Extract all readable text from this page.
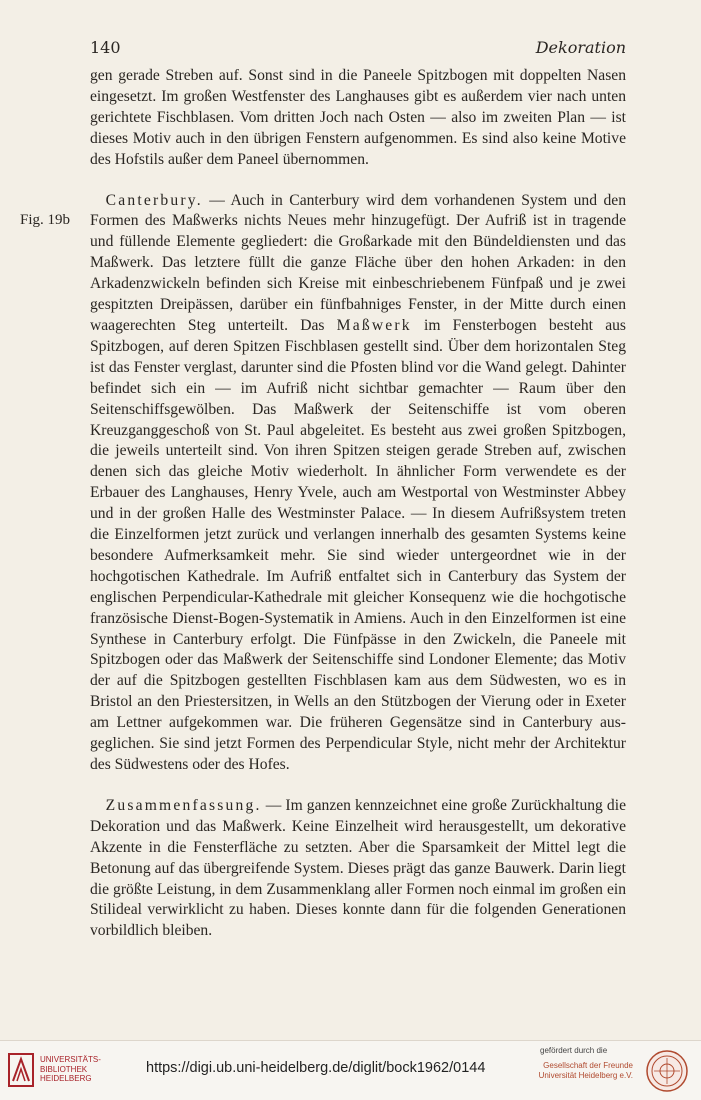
140	Dekoration
Fig. 19b

gen gerade Streben auf. Sonst sind in die Paneele Spitzbogen mit doppelten Nasen eingesetzt. Im großen Westfenster des Langhauses gibt es außerdem vier nach unten gerichtete Fischblasen. Vom dritten Joch nach Osten — also im zweiten Plan — ist dieses Motiv auch in den übrigen Fenstern aufgenommen. Es sind also keine Motive des Hofstils außer dem Paneel übernommen.

 Canterbury. — Auch in Canterbury wird dem vorhandenen System und den Formen des Maßwerks nichts Neues mehr hinzugefügt. Der Aufriß ist in tragende und füllende Elemente gegliedert: die Großarkade mit den Bündeldiensten und das Maßwerk. Das letztere füllt die ganze Fläche über den hohen Arkaden: in den Arkadenzwickeln befinden sich Kreise mit einbeschriebenem Fünfpaß und je zwei gespitzten Dreipässen, darüber ein fünfbahniges Fenster, in der Mitte durch einen waagerechten Steg unterteilt. Das Maßwerk im Fensterbogen besteht aus Spitzbogen, auf deren Spitzen Fischblasen gestellt sind. Über dem horizontalen Steg ist das Fenster verglast, darunter sind die Pfosten blind vor die Wand gelegt. Dahinter befindet sich ein — im Aufriß nicht sichtbar gemachter — Raum über den Seitenschiffsgewölben. Das Maßwerk der Seitenschiffe ist vom oberen Kreuzganggeschoß von St. Paul abgeleitet. Es besteht aus zwei großen Spitzbogen, die jeweils unterteilt sind. Von ihren Spitzen steigen gerade Streben auf, zwischen denen sich das gleiche Motiv wiederholt. In ähnlicher Form verwendete es der Erbauer des Langhauses, Henry Yvele, auch am Westportal von Westminster Abbey und in der großen Halle des Westminster Palace. — In diesem Aufrißsystem treten die Einzelformen jetzt zurück und verlangen innerhalb des gesamten Systems keine besondere Aufmerksamkeit mehr. Sie sind wieder untergeordnet wie in der hochgotischen Kathedrale. Im Aufriß entfaltet sich in Canterbury das System der englischen Perpendicular-Kathedrale mit gleicher Konsequenz wie die hochgotische französische Dienst-Bogen-Systematik in Amiens. Auch in den Einzelformen ist eine Synthese in Canterbury erfolgt. Die Fünfpässe in den Zwickeln, die Paneele mit Spitzbogen oder das Maßwerk der Seitenschiffe sind Londoner Elemente; das Motiv der auf die Spitzbogen gestellten Fischblasen kam aus dem Südwesten, wo es in Bristol an den Priestersitzen, in Wells an den Stützbogen der Vierung oder in Exeter am Lettner aufgekommen war. Die früheren Gegensätze sind in Canterbury ausgeglichen. Sie sind jetzt Formen des Perpendicular Style, nicht mehr der Architektur des Südwestens oder des Hofes.

 Zusammenfassung. — Im ganzen kennzeichnet eine große Zurückhaltung die Dekoration und das Maßwerk. Keine Einzelheit wird herausgestellt, um dekorative Akzente in die Fensterfläche zu setzten. Aber die Sparsamkeit der Mittel legt die Betonung auf das übergreifende System. Dieses prägt das ganze Bauwerk. Darin liegt die größte Leistung, in dem Zusammenklang aller Formen noch einmal im großen ein Stilideal verwirklicht zu haben. Dieses konnte dann für die folgenden Generationen vorbildlich bleiben.

UNIVERSITÄTS-
BIBLIOTHEK
HEIDELBERG
https://digi.ub.uni-heidelberg.de/diglit/bock1962/0144
gefördert durch die
Gesellschaft der Freunde
Universität Heidelberg e.V.
